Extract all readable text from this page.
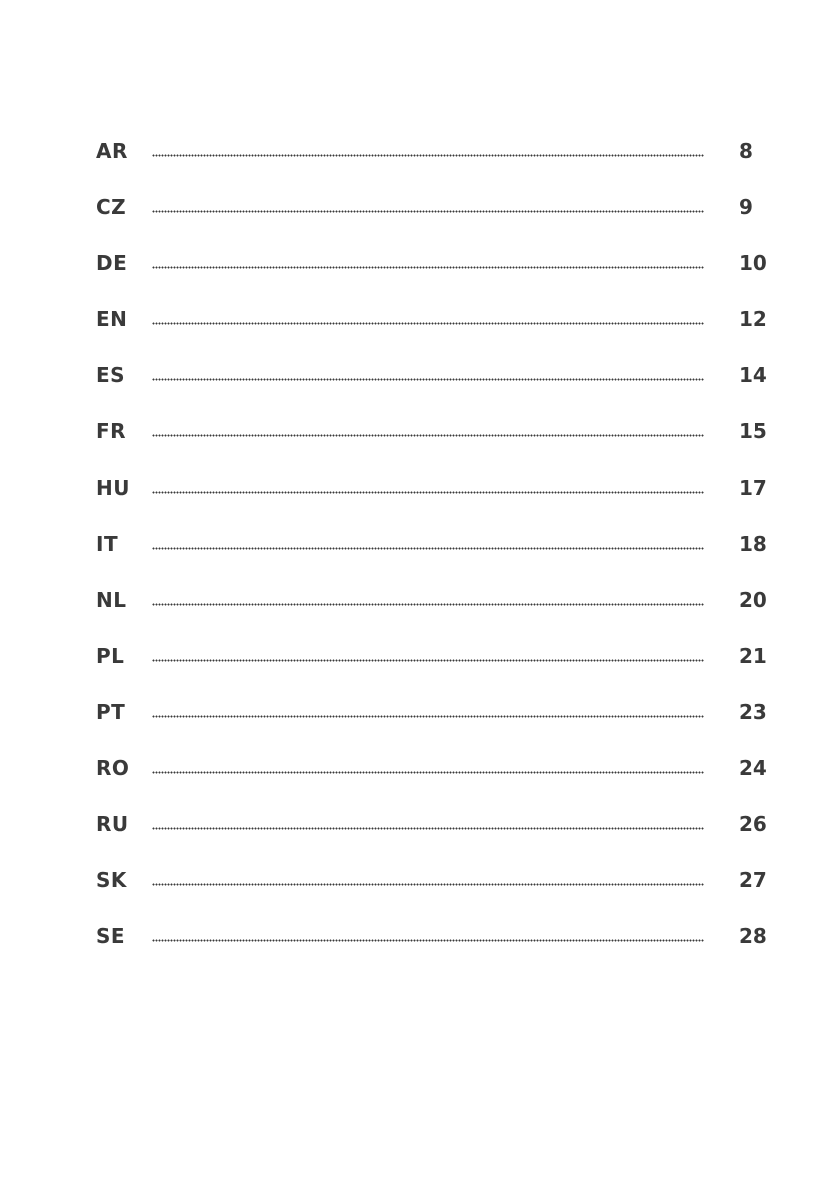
AR	8
CZ	9
DE	10
EN	12
ES	14
FR	15
HU	17
IT	18
NL	20
PL	21
PT	23
RO	24
RU	26
SK	27
SE	28
